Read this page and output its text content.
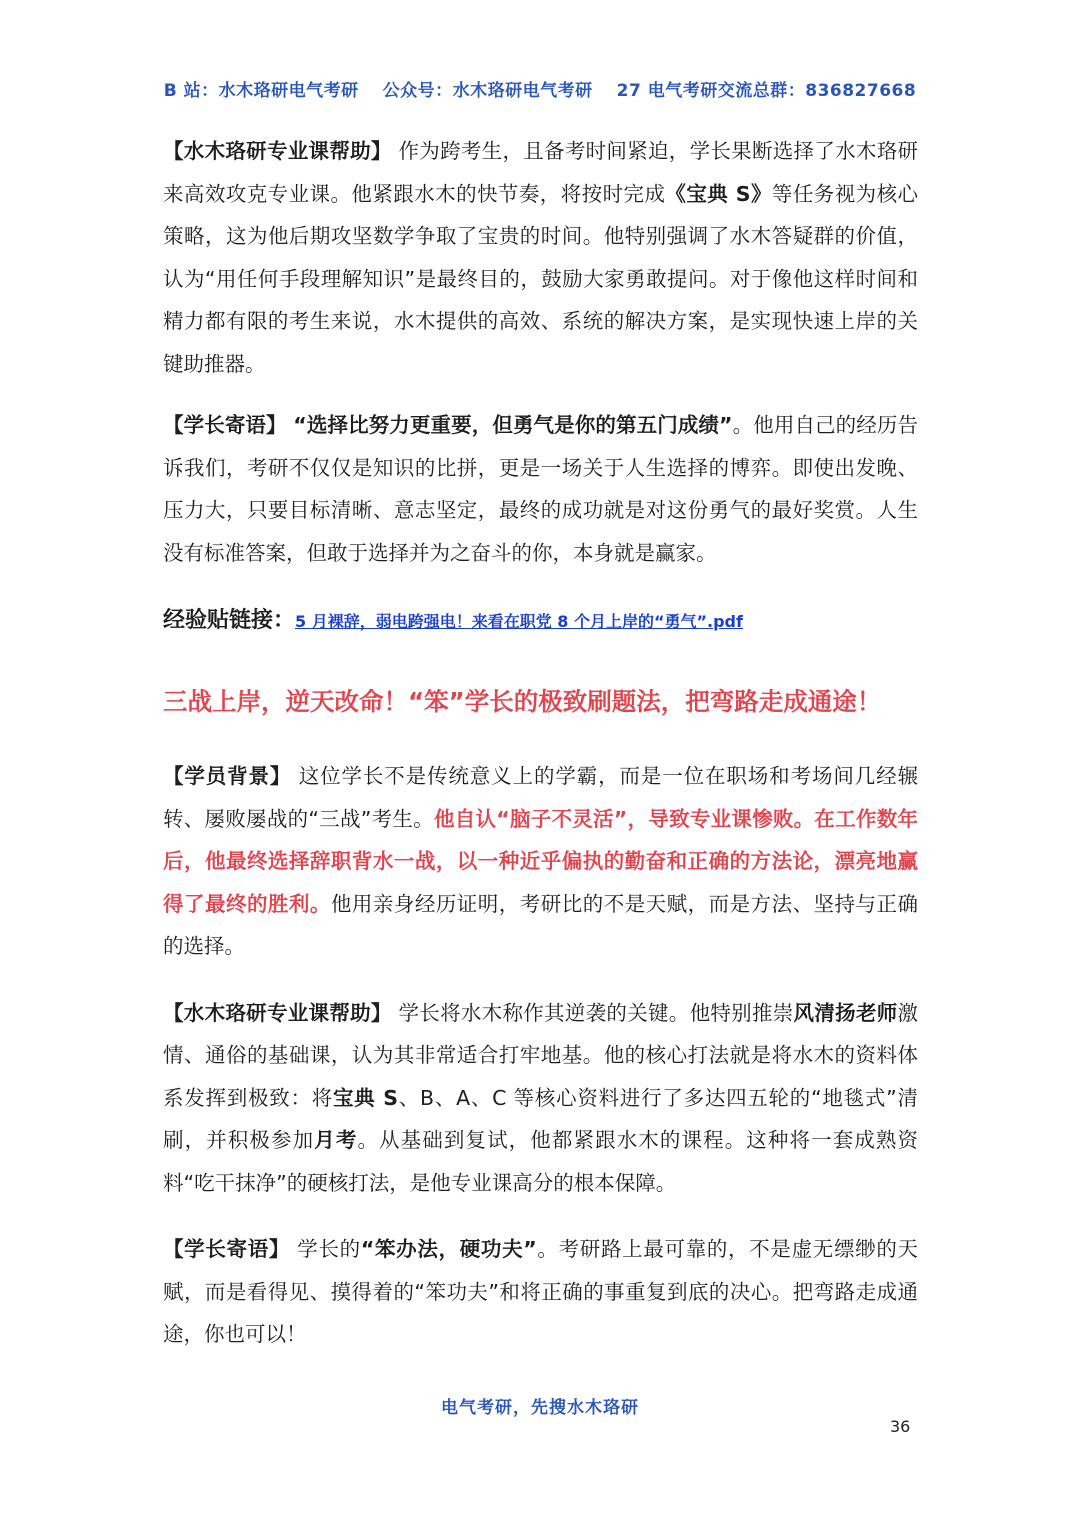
B 站：水木珞研电气考研 公众号：水木珞研电气考研 27 电气考研交流总群：836827668

【水木珞研专业课帮助】 作为跨考生，且备考时间紧迫，学长果断选择了水木珞研来高效攻克专业课。他紧跟水木的快节奏，将按时完成《宝典 S》等任务视为核心策略，这为他后期攻坚数学争取了宝贵的时间。他特别强调了水木答疑群的价值，认为“用任何手段理解知识”是最终目的，鼓励大家勇敢提问。对于像他这样时间和精力都有限的考生来说，水木提供的高效、系统的解决方案，是实现快速上岸的关键助推器。

【学长寄语】 “选择比努力更重要，但勇气是你的第五门成绩”。他用自己的经历告诉我们，考研不仅仅是知识的比拼，更是一场关于人生选择的博弈。即使出发晚、压力大，只要目标清晰、意志坚定，最终的成功就是对这份勇气的最好奖赏。人生没有标准答案，但敢于选择并为之奋斗的你，本身就是赢家。

经验贴链接：5 月裸辞，弱电跨强电！来看在职党 8 个月上岸的“勇气”.pdf

三战上岸，逆天改命！“笨”学长的极致刷题法，把弯路走成通途！

【学员背景】 这位学长不是传统意义上的学霸，而是一位在职场和考场间几经辗转、屡败屡战的“三战”考生。他自认“脑子不灵活”，导致专业课惨败。在工作数年后，他最终选择辞职背水一战，以一种近乎偏执的勤奋和正确的方法论，漂亮地赢得了最终的胜利。他用亲身经历证明，考研比的不是天赋，而是方法、坚持与正确的选择。

【水木珞研专业课帮助】 学长将水木称作其逆袭的关键。他特别推崇风清扬老师激情、通俗的基础课，认为其非常适合打牢地基。他的核心打法就是将水木的资料体系发挥到极致：将宝典 S、B、A、C 等核心资料进行了多达四五轮的“地毯式”清刷，并积极参加月考。从基础到复试，他都紧跟水木的课程。这种将一套成熟资料“吃干抹净”的硬核打法，是他专业课高分的根本保障。

【学长寄语】 学长的“笨办法，硬功夫”。考研路上最可靠的，不是虚无缥缈的天赋，而是看得见、摸得着的“笨功夫”和将正确的事重复到底的决心。把弯路走成通途，你也可以！

电气考研，先搜水木珞研
36
